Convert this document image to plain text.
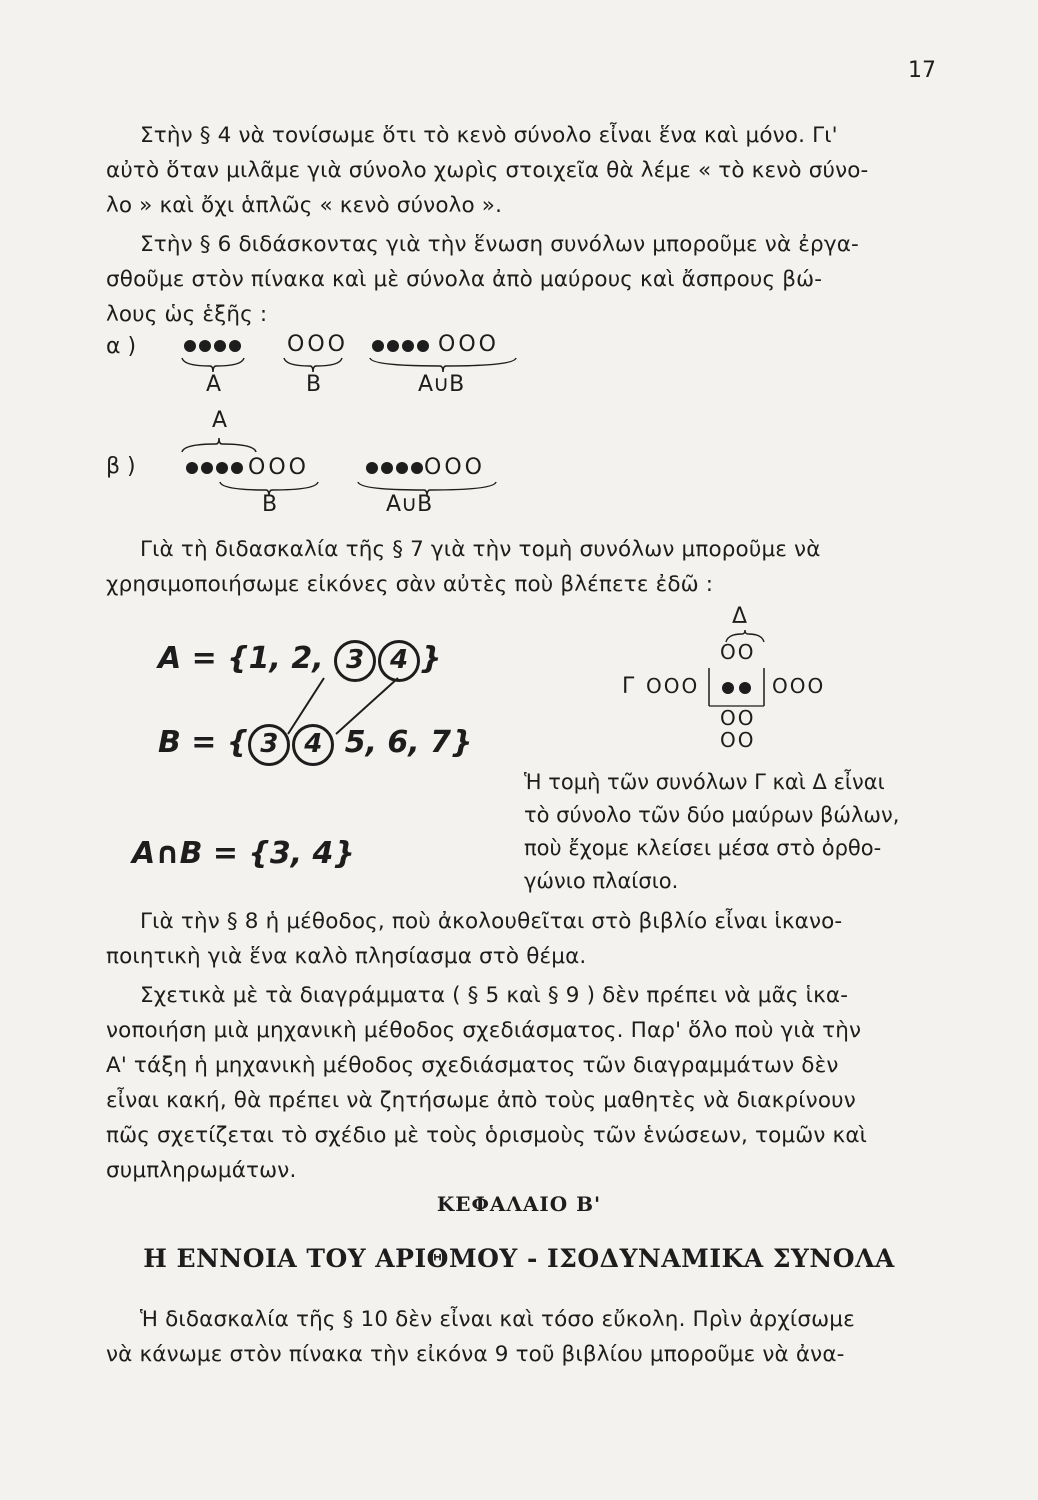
17

Στὴν § 4 νὰ τονίσωμε ὅτι τὸ κενὸ σύνολο εἶναι ἕνα καὶ μόνο. Γι'
αὐτὸ ὅταν μιλᾶμε γιὰ σύνολο χωρὶς στοιχεῖα θὰ λέμε « τὸ κενὸ σύνο-
λο » καὶ ὄχι ἁπλῶς « κενὸ σύνολο ».

Στὴν § 6 διδάσκοντας γιὰ τὴν ἕνωση συνόλων μποροῦμε νὰ ἐργα-
σθοῦμε στὸν πίνακα καὶ μὲ σύνολα ἀπὸ μαύρους καὶ ἄσπρους βώ-
λους ὡς ἑξῆς :

α )	OOO	OOO
A	B	A∪B
A
β )	OOO	OOO
B	A∪B

Γιὰ τὴ διδασκαλία τῆς § 7 γιὰ τὴν τομὴ συνόλων μποροῦμε νὰ
χρησιμοποιήσωμε εἰκόνες σὰν αὐτὲς ποὺ βλέπετε ἐδῶ :

A = {1, 2, 3 4 }
B = { 3 4 5, 6, 7}
A∩B = {3, 4}
Δ
OO
Γ OOO	OOO
OO
OO
Ἡ τομὴ τῶν συνόλων Γ καὶ Δ εἶναι
τὸ σύνολο τῶν δύο μαύρων βώλων,
ποὺ ἔχομε κλείσει μέσα στὸ ὀρθο-
γώνιο πλαίσιο.

Γιὰ τὴν § 8 ἡ μέθοδος, ποὺ ἀκολουθεῖται στὸ βιβλίο εἶναι ἱκανο-
ποιητικὴ γιὰ ἕνα καλὸ πλησίασμα στὸ θέμα.

Σχετικὰ μὲ τὰ διαγράμματα ( § 5 καὶ § 9 ) δὲν πρέπει νὰ μᾶς ἱκα-
νοποιήση μιὰ μηχανικὴ μέθοδος σχεδιάσματος. Παρ' ὅλο ποὺ γιὰ τὴν
Α' τάξη ἡ μηχανικὴ μέθοδος σχεδιάσματος τῶν διαγραμμάτων δὲν
εἶναι κακή, θὰ πρέπει νὰ ζητήσωμε ἀπὸ τοὺς μαθητὲς νὰ διακρίνουν
πῶς σχετίζεται τὸ σχέδιο μὲ τοὺς ὁρισμοὺς τῶν ἑνώσεων, τομῶν καὶ
συμπληρωμάτων.

ΚΕΦΑΛΑΙΟ Β'
Η ΕΝΝΟΙΑ ΤΟΥ ΑΡΙΘΜΟΥ - ΙΣΟΔΥΝΑΜΙΚΑ ΣΥΝΟΛΑ

Ἡ διδασκαλία τῆς § 10 δὲν εἶναι καὶ τόσο εὔκολη. Πρὶν ἀρχίσωμε
νὰ κάνωμε στὸν πίνακα τὴν εἰκόνα 9 τοῦ βιβλίου μποροῦμε νὰ ἀνα-
